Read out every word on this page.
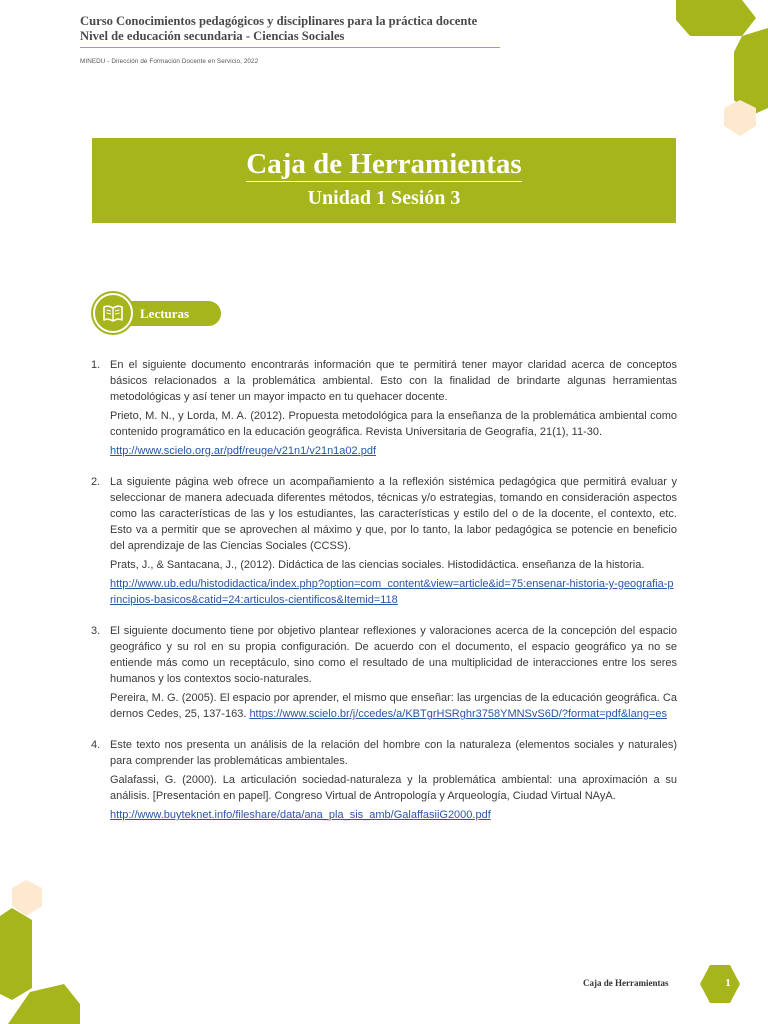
Curso Conocimientos pedagógicos y disciplinares para la práctica docente
Nivel de educación secundaria - Ciencias Sociales
MINEDU - Dirección de Formación Docente en Servicio, 2022
Caja de Herramientas
Unidad 1 Sesión 3
Lecturas
1. En el siguiente documento encontrarás información que te permitirá tener mayor claridad acerca de conceptos básicos relacionados a la problemática ambiental. Esto con la finalidad de brindarte algunas herramientas metodológicas y así tener un mayor impacto en tu quehacer docente.

Prieto, M. N., y Lorda, M. A. (2012). Propuesta metodológica para la enseñanza de la problemática ambiental como contenido programático en la educación geográfica. Revista Universitaria de Geografía, 21(1), 11-30.

http://www.scielo.org.ar/pdf/reuge/v21n1/v21n1a02.pdf

2. La siguiente página web ofrece un acompañamiento a la reflexión sistémica pedagógica que permitirá evaluar y seleccionar de manera adecuada diferentes métodos, técnicas y/o estrategias, tomando en consideración aspectos como las características de las y los estudiantes, las características y estilo del o de la docente, el contexto, etc. Esto va a permitir que se aprovechen al máximo y que, por lo tanto, la labor pedagógica se potencie en beneficio del aprendizaje de las Ciencias Sociales (CCSS).

Prats, J., & Santacana, J., (2012). Didáctica de las ciencias sociales. Histodidáctica. enseñanza de la historia.

http://www.ub.edu/histodidactica/index.php?option=com_content&view=article&id=75:ensenar-historia-y-geografia-principios-basicos&catid=24:articulos-cientificos&Itemid=118

3. El siguiente documento tiene por objetivo plantear reflexiones y valoraciones acerca de la concepción del espacio geográfico y su rol en su propia configuración. De acuerdo con el documento, el espacio geográfico ya no se entiende más como un receptáculo, sino como el resultado de una multiplicidad de interacciones entre los seres humanos y los contextos socio-naturales.

Pereira, M. G. (2005). El espacio por aprender, el mismo que enseñar: las urgencias de la educación geográfica. Cadernos Cedes, 25, 137-163. https://www.scielo.br/j/ccedes/a/KBTgrHSRghr3758YMNSvS6D/?format=pdf&lang=es

4. Este texto nos presenta un análisis de la relación del hombre con la naturaleza (elementos sociales y naturales) para comprender las problemáticas ambientales.

Galafassi, G. (2000). La articulación sociedad-naturaleza y la problemática ambiental: una aproximación a su análisis. [Presentación en papel]. Congreso Virtual de Antropología y Arqueología, Ciudad Virtual NAyA.

http://www.buyteknet.info/fileshare/data/ana_pla_sis_amb/GalaffasiiG2000.pdf

Caja de Herramientas	1
